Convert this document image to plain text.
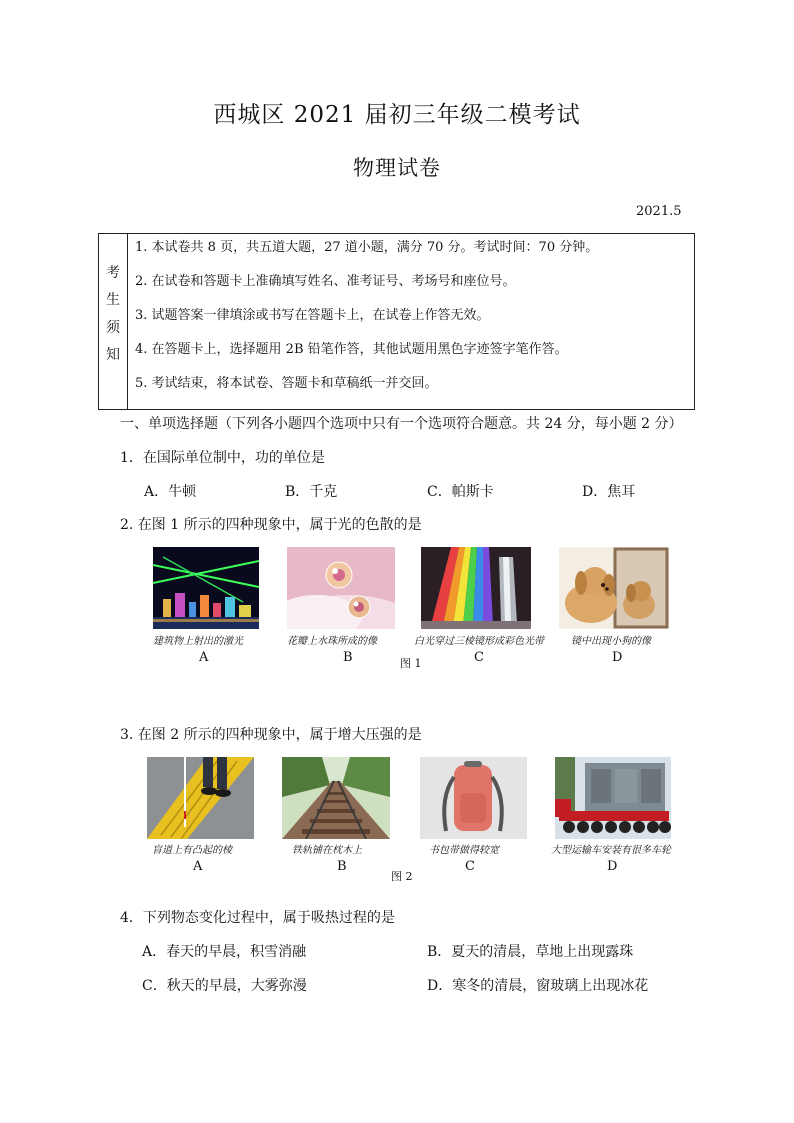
西城区 2021 届初三年级二模考试
物理试卷
2021.5
考
生
须
知
1. 本试卷共 8 页，共五道大题，27 道小题，满分 70 分。考试时间：70 分钟。
2. 在试卷和答题卡上准确填写姓名、准考证号、考场号和座位号。
3. 试题答案一律填涂或书写在答题卡上，在试卷上作答无效。
4. 在答题卡上，选择题用 2B 铅笔作答，其他试题用黑色字迹签字笔作答。
5. 考试结束，将本试卷、答题卡和草稿纸一并交回。
一、单项选择题（下列各小题四个选项中只有一个选项符合题意。共 24 分，每小题 2 分）
1．在国际单位制中，功的单位是
A．牛顿	B．千克	C．帕斯卡	D．焦耳
2. 在图 1 所示的四种现象中，属于光的色散的是
建筑物上射出的激光
A
花瓣上水珠所成的像
B
白光穿过三棱镜形成彩色光带
C
镜中出现小狗的像
D
图 1
3. 在图 2 所示的四种现象中，属于增大压强的是
盲道上有凸起的棱
A
铁轨铺在枕木上
B
书包带做得较宽
C
大型运输车安装有很多车轮
D
图 2
4．下列物态变化过程中，属于吸热过程的是
A．春天的早晨，积雪消融	B．夏天的清晨，草地上出现露珠
C．秋天的早晨，大雾弥漫	D．寒冬的清晨，窗玻璃上出现冰花
